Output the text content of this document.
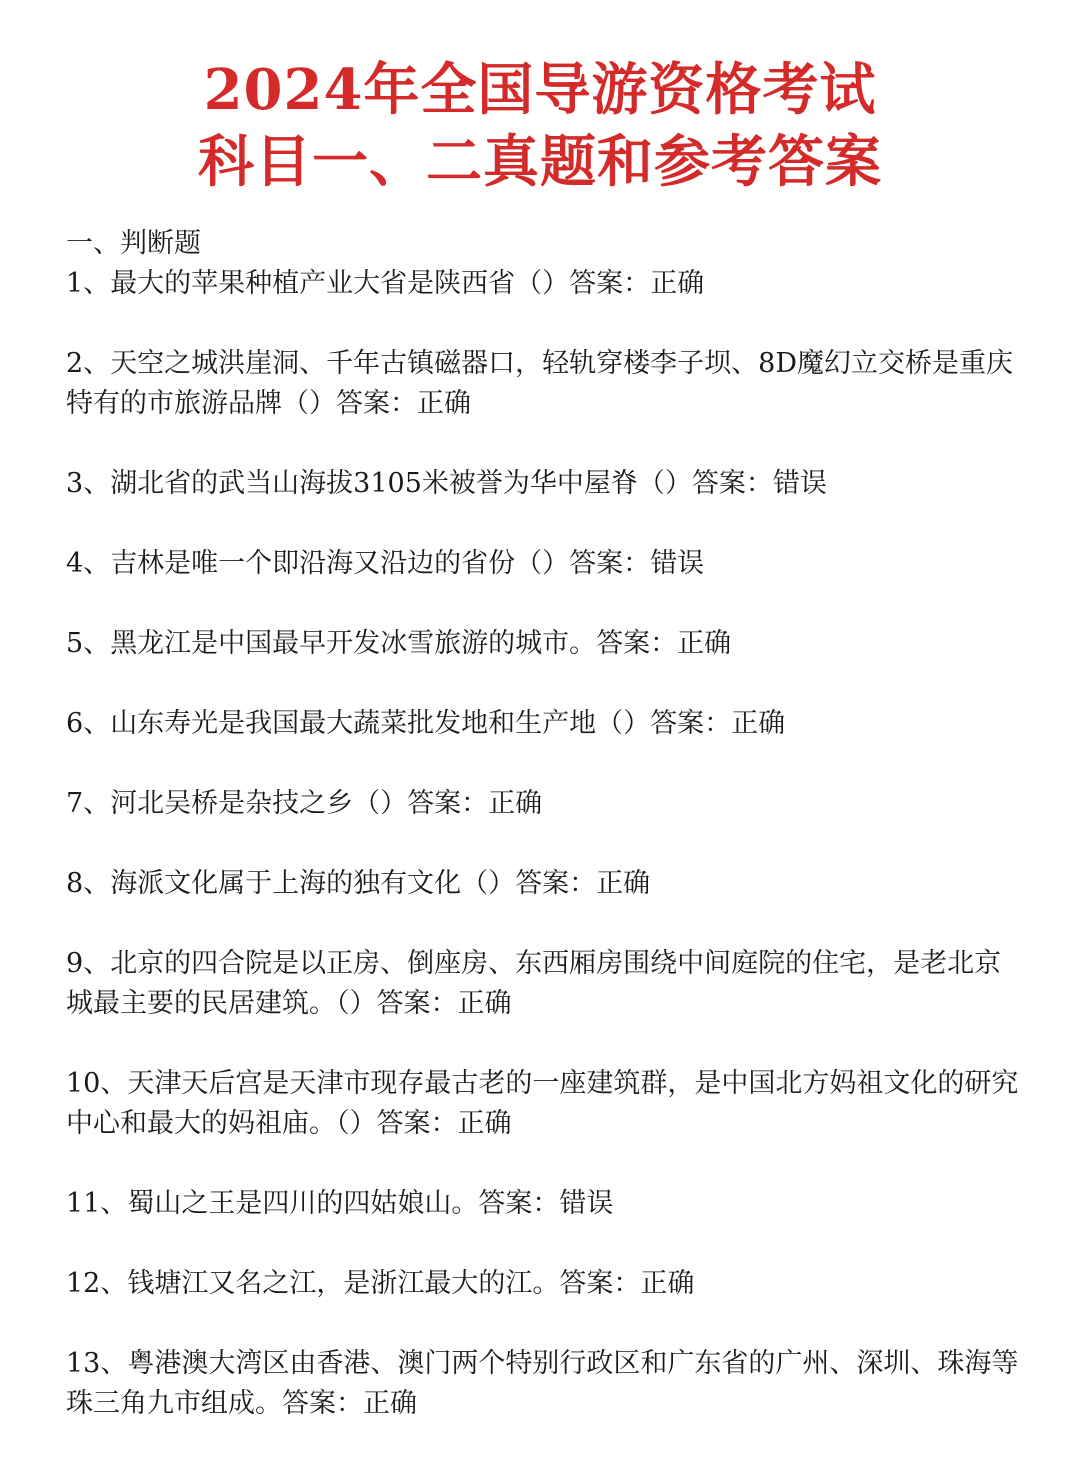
2024年全国导游资格考试
科目一、二真题和参考答案
一、判断题
1、最大的苹果种植产业大省是陕西省（）答案：正确
2、天空之城洪崖洞、千年古镇磁器口，轻轨穿楼李子坝、8D魔幻立交桥是重庆特有的市旅游品牌（）答案：正确
3、湖北省的武当山海拔3105米被誉为华中屋脊（）答案：错误
4、吉林是唯一个即沿海又沿边的省份（）答案：错误
5、黑龙江是中国最早开发冰雪旅游的城市。答案：正确
6、山东寿光是我国最大蔬菜批发地和生产地（）答案：正确
7、河北吴桥是杂技之乡（）答案：正确
8、海派文化属于上海的独有文化（）答案：正确
9、北京的四合院是以正房、倒座房、东西厢房围绕中间庭院的住宅，是老北京城最主要的民居建筑。（）答案：正确
10、天津天后宫是天津市现存最古老的一座建筑群，是中国北方妈祖文化的研究中心和最大的妈祖庙。（）答案：正确
11、蜀山之王是四川的四姑娘山。答案：错误
12、钱塘江又名之江，是浙江最大的江。答案：正确
13、粤港澳大湾区由香港、澳门两个特别行政区和广东省的广州、深圳、珠海等珠三角九市组成。答案：正确
